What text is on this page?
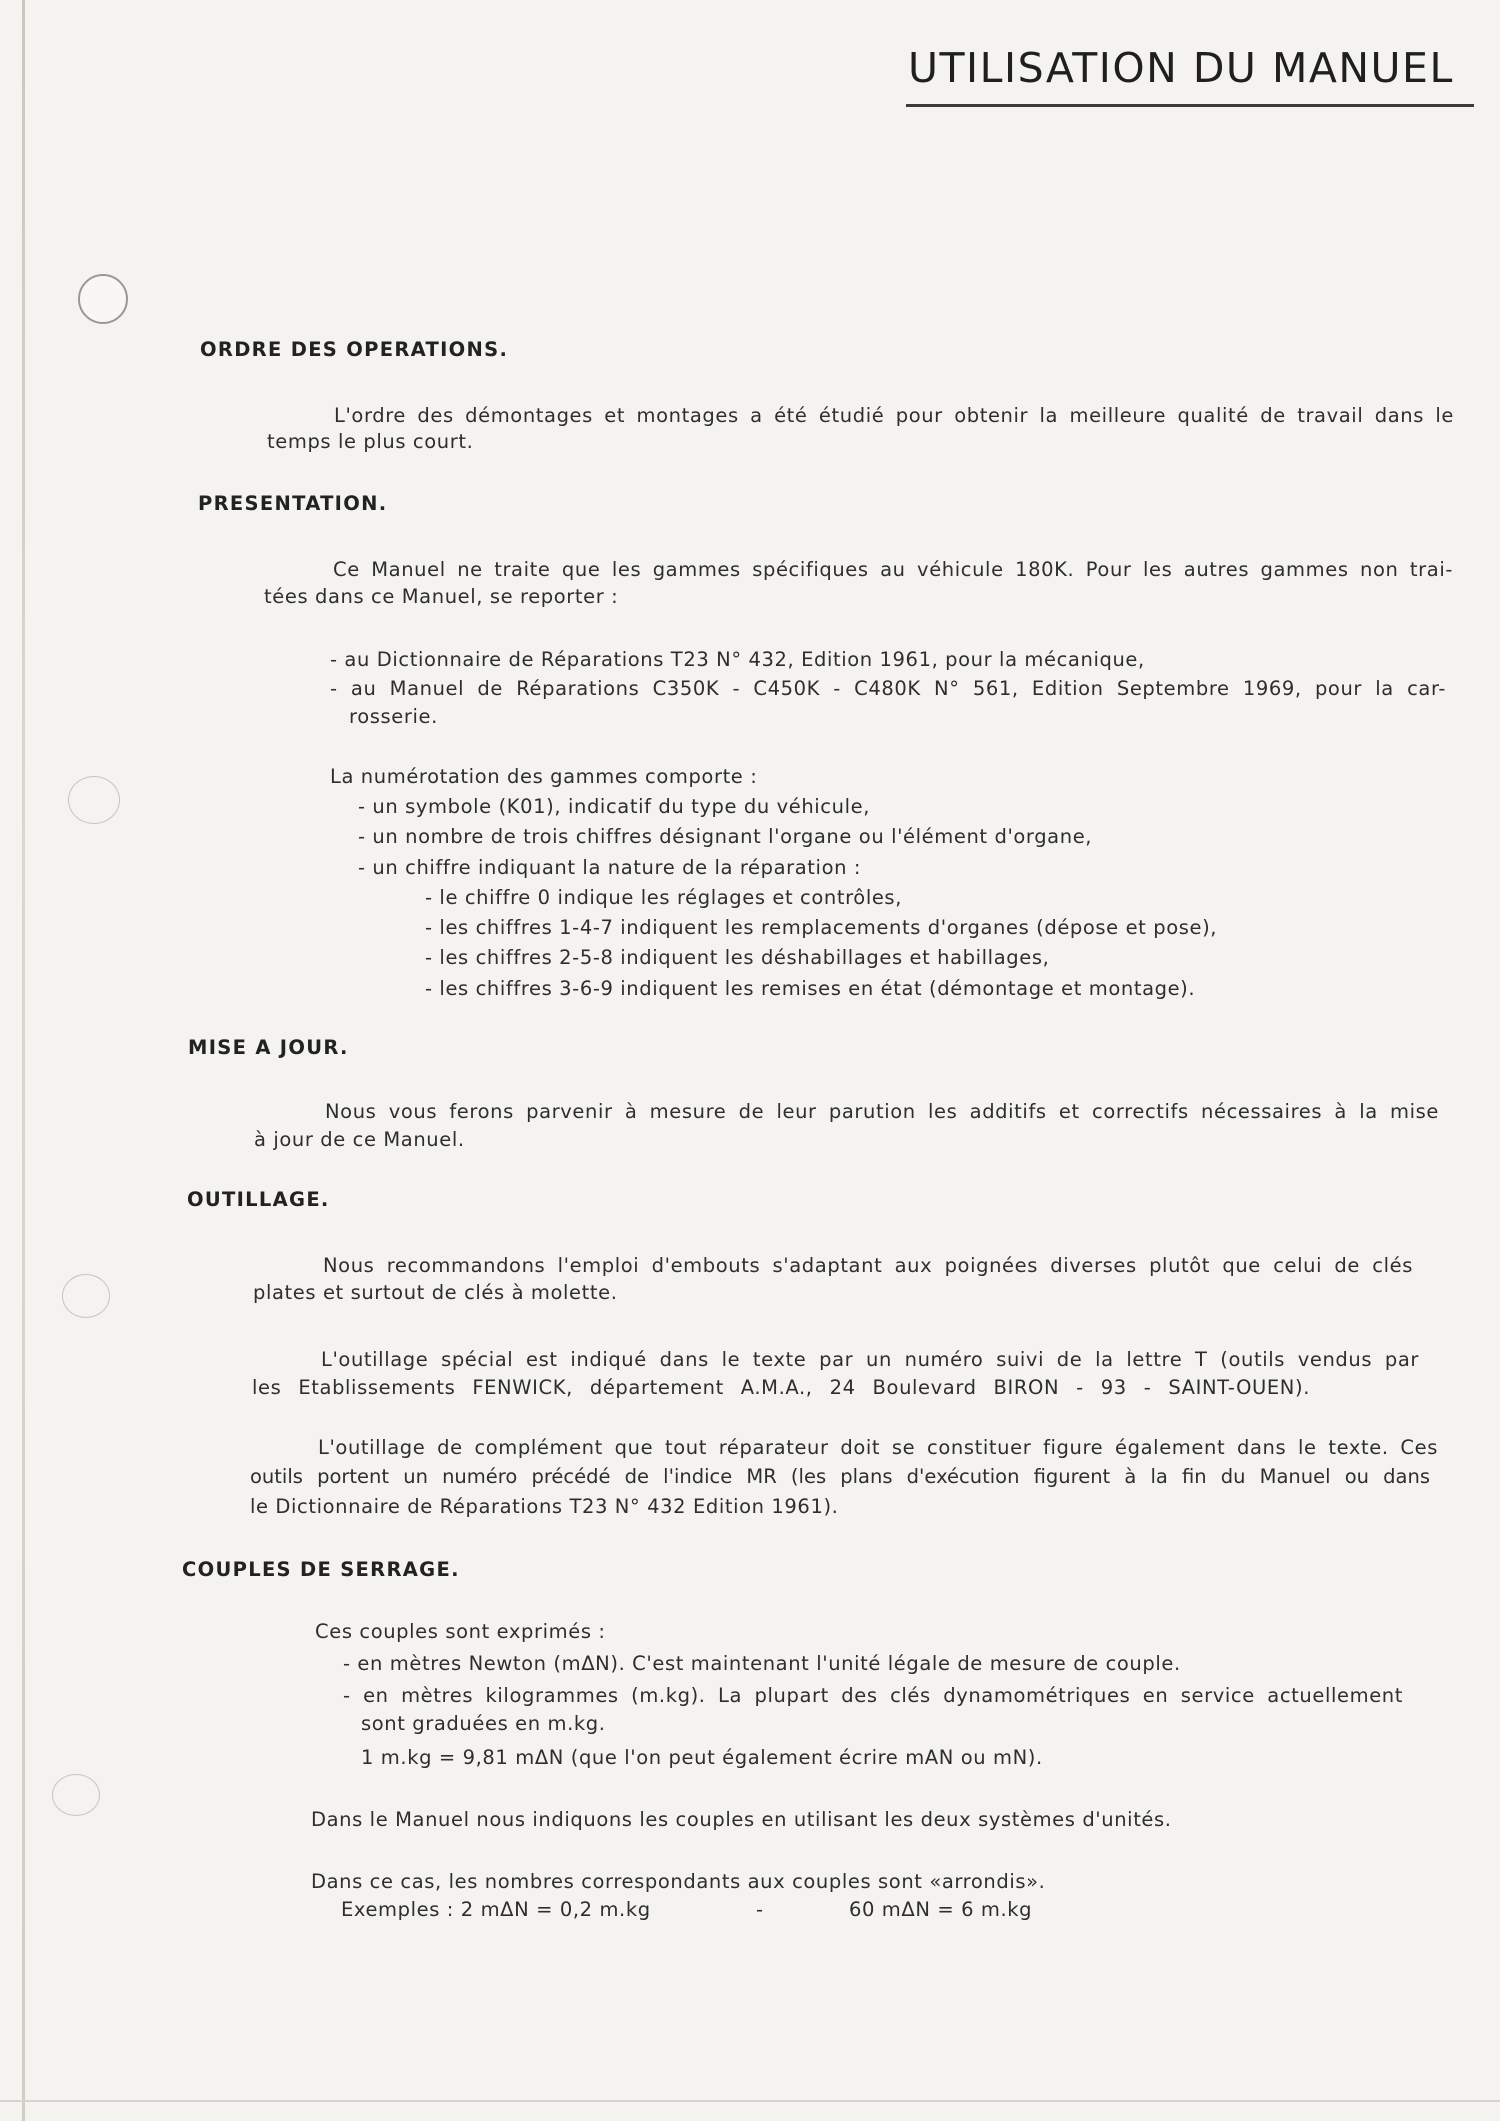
UTILISATION DU MANUEL
ORDRE DES OPERATIONS.
L'ordre des démontages et montages a été étudié pour obtenir la meilleure qualité de travail dans le
temps le plus court.
PRESENTATION.
Ce Manuel ne traite que les gammes spécifiques au véhicule 180K. Pour les autres gammes non trai-
tées dans ce Manuel, se reporter :
- au Dictionnaire de Réparations T23 N° 432, Edition 1961, pour la mécanique,
- au Manuel de Réparations C350K - C450K - C480K N° 561, Edition Septembre 1969, pour la car-
rosserie.
La numérotation des gammes comporte :
- un symbole (K01), indicatif du type du véhicule,
- un nombre de trois chiffres désignant l'organe ou l'élément d'organe,
- un chiffre indiquant la nature de la réparation :
- le chiffre 0 indique les réglages et contrôles,
- les chiffres 1-4-7 indiquent les remplacements d'organes (dépose et pose),
- les chiffres 2-5-8 indiquent les déshabillages et habillages,
- les chiffres 3-6-9 indiquent les remises en état (démontage et montage).
MISE A JOUR.
Nous vous ferons parvenir à mesure de leur parution les additifs et correctifs nécessaires à la mise
à jour de ce Manuel.
OUTILLAGE.
Nous recommandons l'emploi d'embouts s'adaptant aux poignées diverses plutôt que celui de clés
plates et surtout de clés à molette.
L'outillage spécial est indiqué dans le texte par un numéro suivi de la lettre T (outils vendus par
les Etablissements FENWICK, département A.M.A., 24 Boulevard BIRON - 93 - SAINT-OUEN).
L'outillage de complément que tout réparateur doit se constituer figure également dans le texte. Ces
outils portent un numéro précédé de l'indice MR (les plans d'exécution figurent à la fin du Manuel ou dans
le Dictionnaire de Réparations T23 N° 432 Edition 1961).
COUPLES DE SERRAGE.
Ces couples sont exprimés :
- en mètres Newton (mΔN). C'est maintenant l'unité légale de mesure de couple.
- en mètres kilogrammes (m.kg). La plupart des clés dynamométriques en service actuellement
sont graduées en m.kg.
1 m.kg = 9,81 mΔN (que l'on peut également écrire mAN ou mN).
Dans le Manuel nous indiquons les couples en utilisant les deux systèmes d'unités.
Dans ce cas, les nombres correspondants aux couples sont «arrondis».
Exemples : 2 mΔN = 0,2 m.kg	-	60 mΔN = 6 m.kg
